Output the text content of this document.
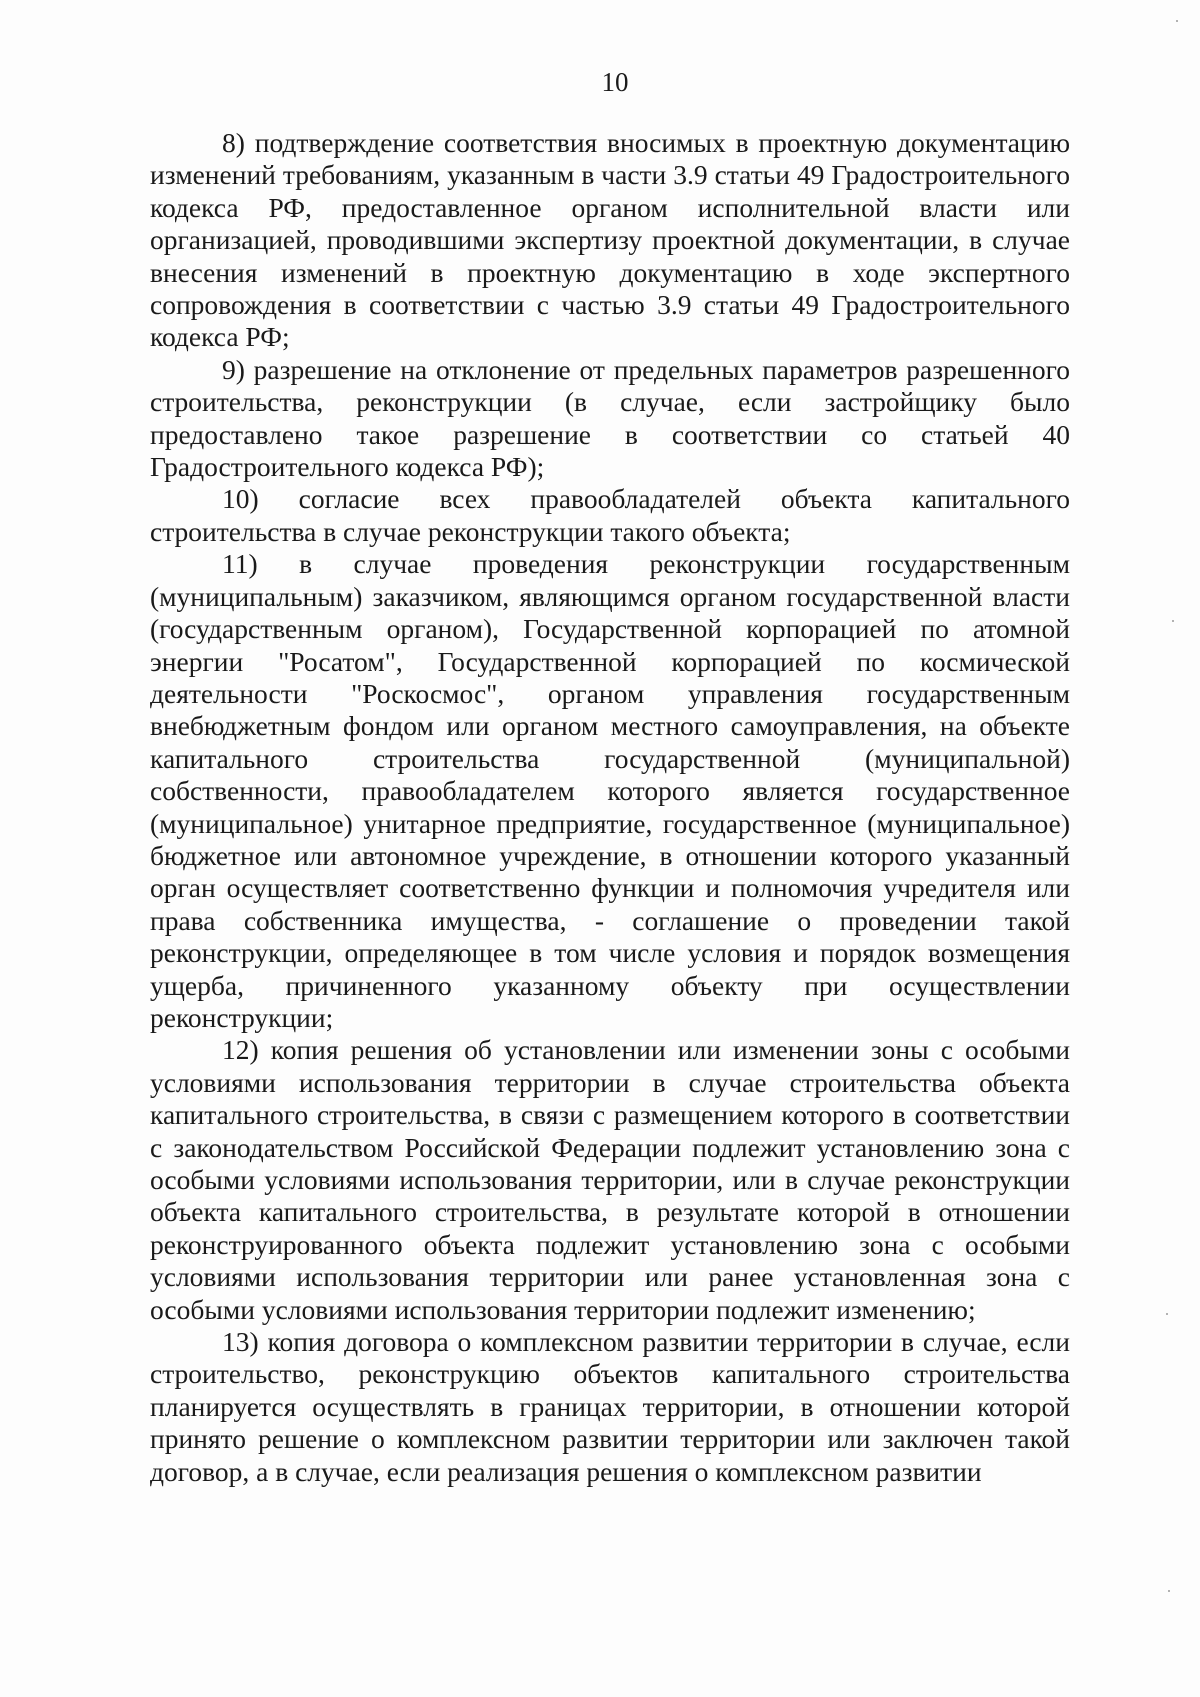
10

8) подтверждение соответствия вносимых в проектную документацию изменений требованиям, указанным в части 3.9 статьи 49 Градостроительного кодекса РФ, предоставленное органом исполнительной власти или организацией, проводившими экспертизу проектной документации, в случае внесения изменений в проектную документацию в ходе экспертного сопровождения в соответствии с частью 3.9 статьи 49 Градостроительного кодекса РФ;

9) разрешение на отклонение от предельных параметров разрешенного строительства, реконструкции (в случае, если застройщику было предоставлено такое разрешение в соответствии со статьей 40 Градостроительного кодекса РФ);

10) согласие всех правообладателей объекта капитального строительства в случае реконструкции такого объекта;

11) в случае проведения реконструкции государственным (муниципальным) заказчиком, являющимся органом государственной власти (государственным органом), Государственной корпорацией по атомной энергии "Росатом", Государственной корпорацией по космической деятельности "Роскосмос", органом управления государственным внебюджетным фондом или органом местного самоуправления, на объекте капитального строительства государственной (муниципальной) собственности, правообладателем которого является государственное (муниципальное) унитарное предприятие, государственное (муниципальное) бюджетное или автономное учреждение, в отношении которого указанный орган осуществляет соответственно функции и полномочия учредителя или права собственника имущества, - соглашение о проведении такой реконструкции, определяющее в том числе условия и порядок возмещения ущерба, причиненного указанному объекту при осуществлении реконструкции;

12) копия решения об установлении или изменении зоны с особыми условиями использования территории в случае строительства объекта капитального строительства, в связи с размещением которого в соответствии с законодательством Российской Федерации подлежит установлению зона с особыми условиями использования территории, или в случае реконструкции объекта капитального строительства, в результате которой в отношении реконструированного объекта подлежит установлению зона с особыми условиями использования территории или ранее установленная зона с особыми условиями использования территории подлежит изменению;

13) копия договора о комплексном развитии территории в случае, если строительство, реконструкцию объектов капитального строительства планируется осуществлять в границах территории, в отношении которой принято решение о комплексном развитии территории или заключен такой договор, а в случае, если реализация решения о комплексном развитии
